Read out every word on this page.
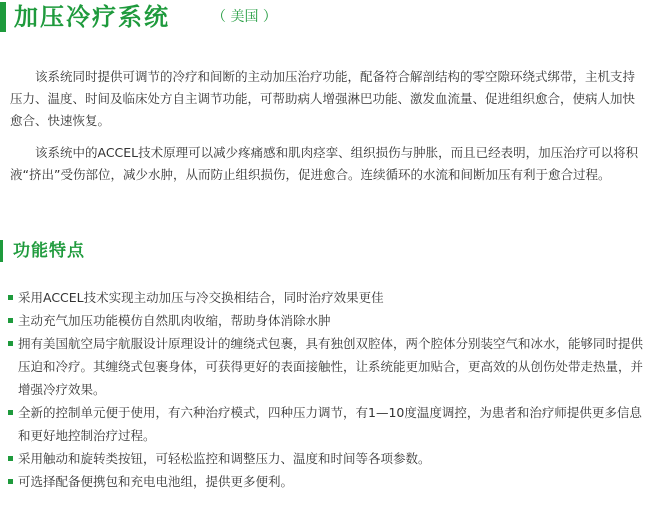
加压冷疗系统	（ 美国 ）

该系统同时提供可调节的冷疗和间断的主动加压治疗功能，配备符合解剖结构的零空隙环绕式绑带，主机支持压力、温度、时间及临床处方自主调节功能，可帮助病人增强淋巴功能、激发血流量、促进组织愈合，使病人加快愈合、快速恢复。

该系统中的ACCEL技术原理可以减少疼痛感和肌肉痉挛、组织损伤与肿胀，而且已经表明，加压治疗可以将积液“挤出”受伤部位，减少水肿，从而防止组织损伤，促进愈合。连续循环的水流和间断加压有利于愈合过程。

功能特点
采用ACCEL技术实现主动加压与冷交换相结合，同时治疗效果更佳
主动充气加压功能模仿自然肌肉收缩，帮助身体消除水肿
拥有美国航空局宇航服设计原理设计的缠绕式包裹，具有独创双腔体，两个腔体分别装空气和冰水，能够同时提供压迫和冷疗。其缠绕式包裹身体，可获得更好的表面接触性，让系统能更加贴合，更高效的从创伤处带走热量，并增强冷疗效果。
全新的控制单元便于使用，有六种治疗模式，四种压力调节，有1—10度温度调控，为患者和治疗师提供更多信息和更好地控制治疗过程。
采用触动和旋转类按钮，可轻松监控和调整压力、温度和时间等各项参数。
可选择配备便携包和充电电池组，提供更多便利。
